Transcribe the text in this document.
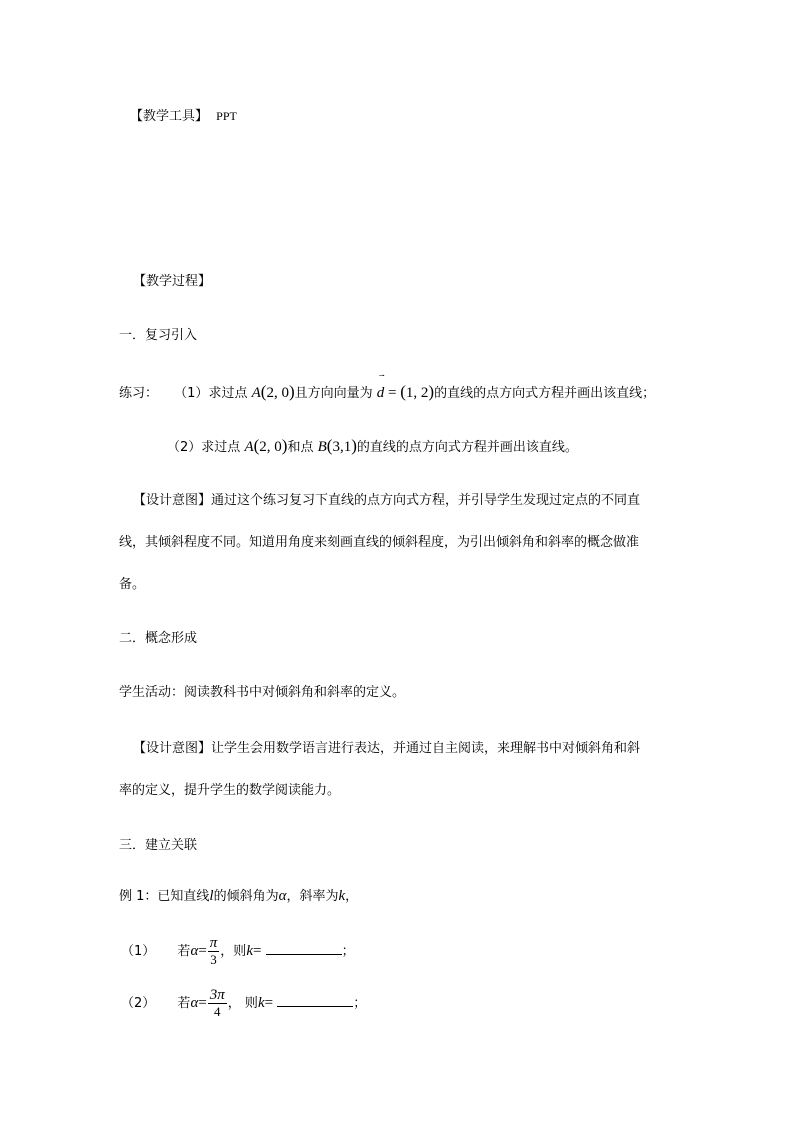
【教学工具】 PPT
【教学过程】
一．复习引入
练习： （1）求过点 A(2, 0)且方向向量为
⇀
d = (1, 2)的直线的点方向式方程并画出该直线；
（2）求过点 A(2, 0)和点 B(3,1)的直线的点方向式方程并画出该直线。
【设计意图】通过这个练习复习下直线的点方向式方程，并引导学生发现过定点的不同直
线，其倾斜程度不同。知道用角度来刻画直线的倾斜程度，为引出倾斜角和斜率的概念做准
备。
二．概念形成
学生活动：阅读教科书中对倾斜角和斜率的定义。
【设计意图】让学生会用数学语言进行表达，并通过自主阅读，来理解书中对倾斜角和斜
率的定义，提升学生的数学阅读能力。
三．建立关联
例 1：已知直线l的倾斜角为α，斜率为k，
（1） 若$\alpha= \frac{\pi}{3}$ ，则k=	；
（2） 若$\alpha= \frac{3\pi}{4}$ ， 则k=	；
